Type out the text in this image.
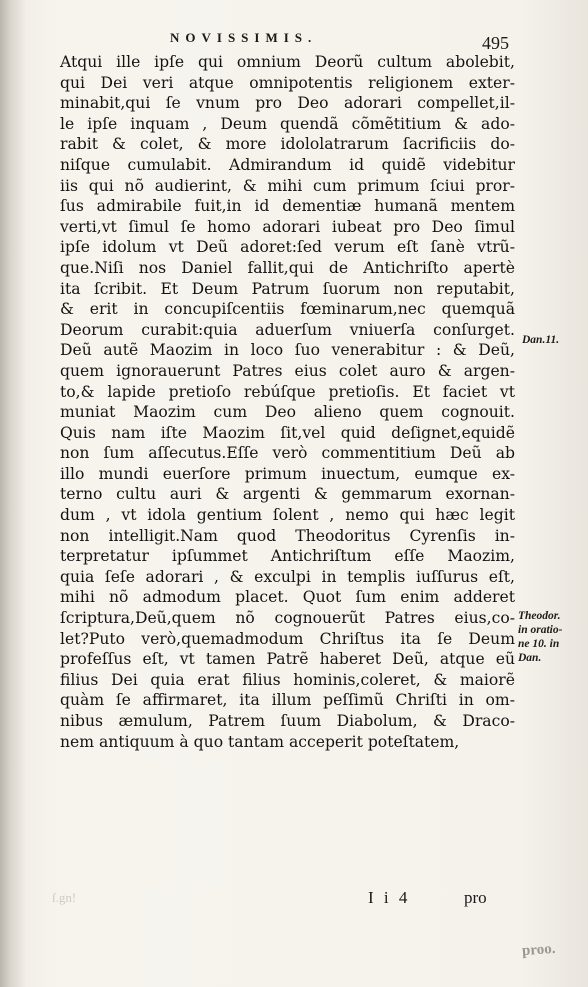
NOVISSIMIS.	495
Atqui ille ipſe qui omnium Deorũ cultum abolebit,
qui Dei veri atque omnipotentis religionem exter-
minabit,qui ſe vnum pro Deo adorari compellet,il-
le ipſe inquam , Deum quendã cõmẽtitium & ado-
rabit & colet, & more idololatrarum ſacrificiis do-
niſque cumulabit. Admirandum id quidẽ videbitur
iis qui nõ audierint, & mihi cum primum ſciui pror-
ſus admirabile fuit,in id dementiæ humanã mentem
verti,vt ſimul ſe homo adorari iubeat pro Deo ſimul
ipſe idolum vt Deũ adoret:ſed verum eſt ſanè vtrũ-
que.Niſi nos Daniel fallit,qui de Antichriſto apertè
ita ſcribit. Et Deum Patrum ſuorum non reputabit,
& erit in concupiſcentiis fœminarum,nec quemquã
Deorum curabit:quia aduerſum vniuerſa conſurget.
Deũ autẽ Maozim in loco ſuo venerabitur : & Deũ,
quem ignorauerunt Patres eius colet auro & argen-
to,& lapide pretioſo rebúſque pretioſis. Et faciet vt
muniat Maozim cum Deo alieno quem cognouit.
Quis nam iſte Maozim ſit,vel quid deſignet,equidẽ
non ſum aſſecutus.Eſſe verò commentitium Deũ ab
illo mundi euerſore primum inuectum, eumque ex-
terno cultu auri & argenti & gemmarum exornan-
dum , vt idola gentium ſolent , nemo qui hæc legit
non intelligit.Nam quod Theodoritus Cyrenſis in-
terpretatur ipſummet Antichriſtum eſſe Maozim,
quia ſeſe adorari , & exculpi in templis iuſſurus eſt,
mihi nõ admodum placet. Quot ſum enim adderet
ſcriptura,Deũ,quem nõ cognouerũt Patres eius,co-
let?Puto verò,quemadmodum Chriſtus ita ſe Deum
profeſſus eſt, vt tamen Patrẽ haberet Deũ, atque eũ
filius Dei quia erat filius hominis,coleret, & maiorẽ
quàm ſe affirmaret, ita illum peſſimũ Chriſti in om-
nibus æmulum, Patrem ſuum Diabolum, & Draco-
nem antiquum à quo tantam acceperit poteſtatem,
Dan.11.
Theodor.
in oratio-
ne 10. in
Dan.
I i 4	pro
ſ.gn!
proo.
